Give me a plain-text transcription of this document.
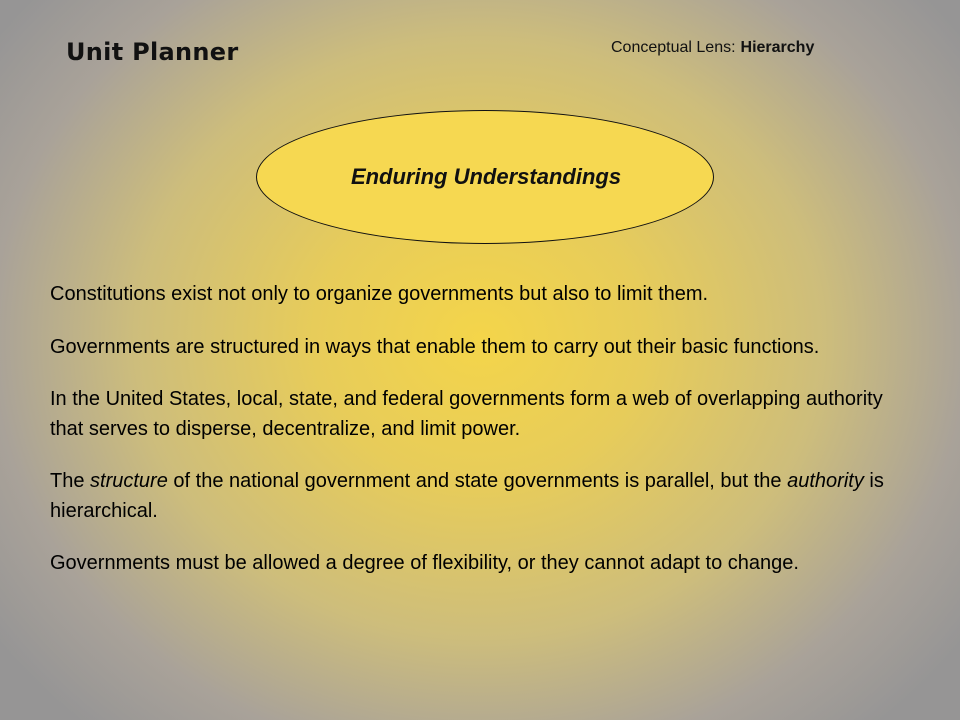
Unit Planner	Conceptual Lens: Hierarchy
Enduring Understandings

Constitutions exist not only to organize governments but also to limit them.

Governments are structured in ways that enable them to carry out their basic functions.

In the United States, local, state, and federal governments form a web of overlapping authority that serves to disperse, decentralize, and limit power.

The structure of the national government and state governments is parallel, but the authority is hierarchical.

Governments must be allowed a degree of flexibility, or they cannot adapt to change.
